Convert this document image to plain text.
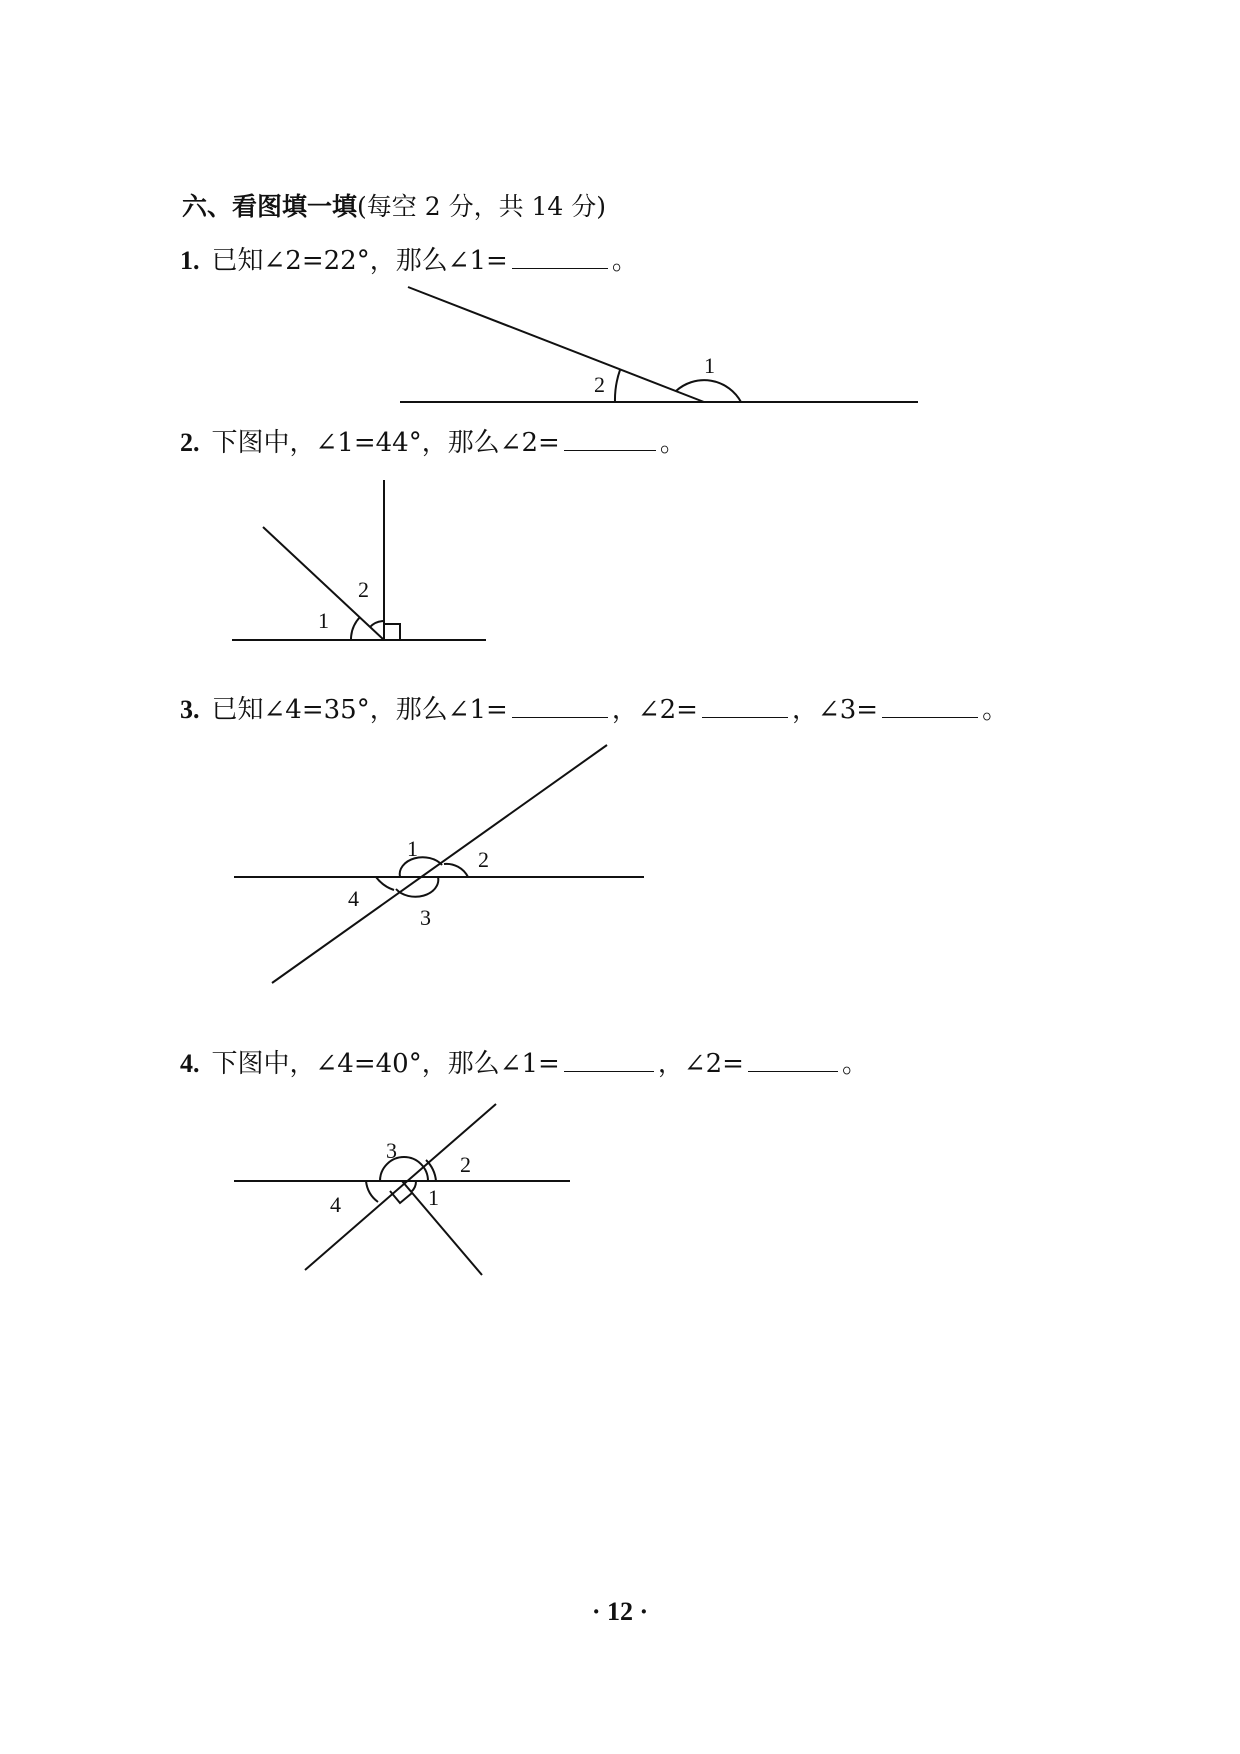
六、看图填一填(每空 2 分，共 14 分)
1. 已知∠2=22°，那么∠1=	。
2. 下图中，∠1=44°，那么∠2=	。
3. 已知∠4=35°，那么∠1=	，∠2=	，∠3=	。
4. 下图中，∠4=40°，那么∠1=	，∠2=	。
2
1
1
2
1	2
3
4
1
2
3
4
· 12 ·
